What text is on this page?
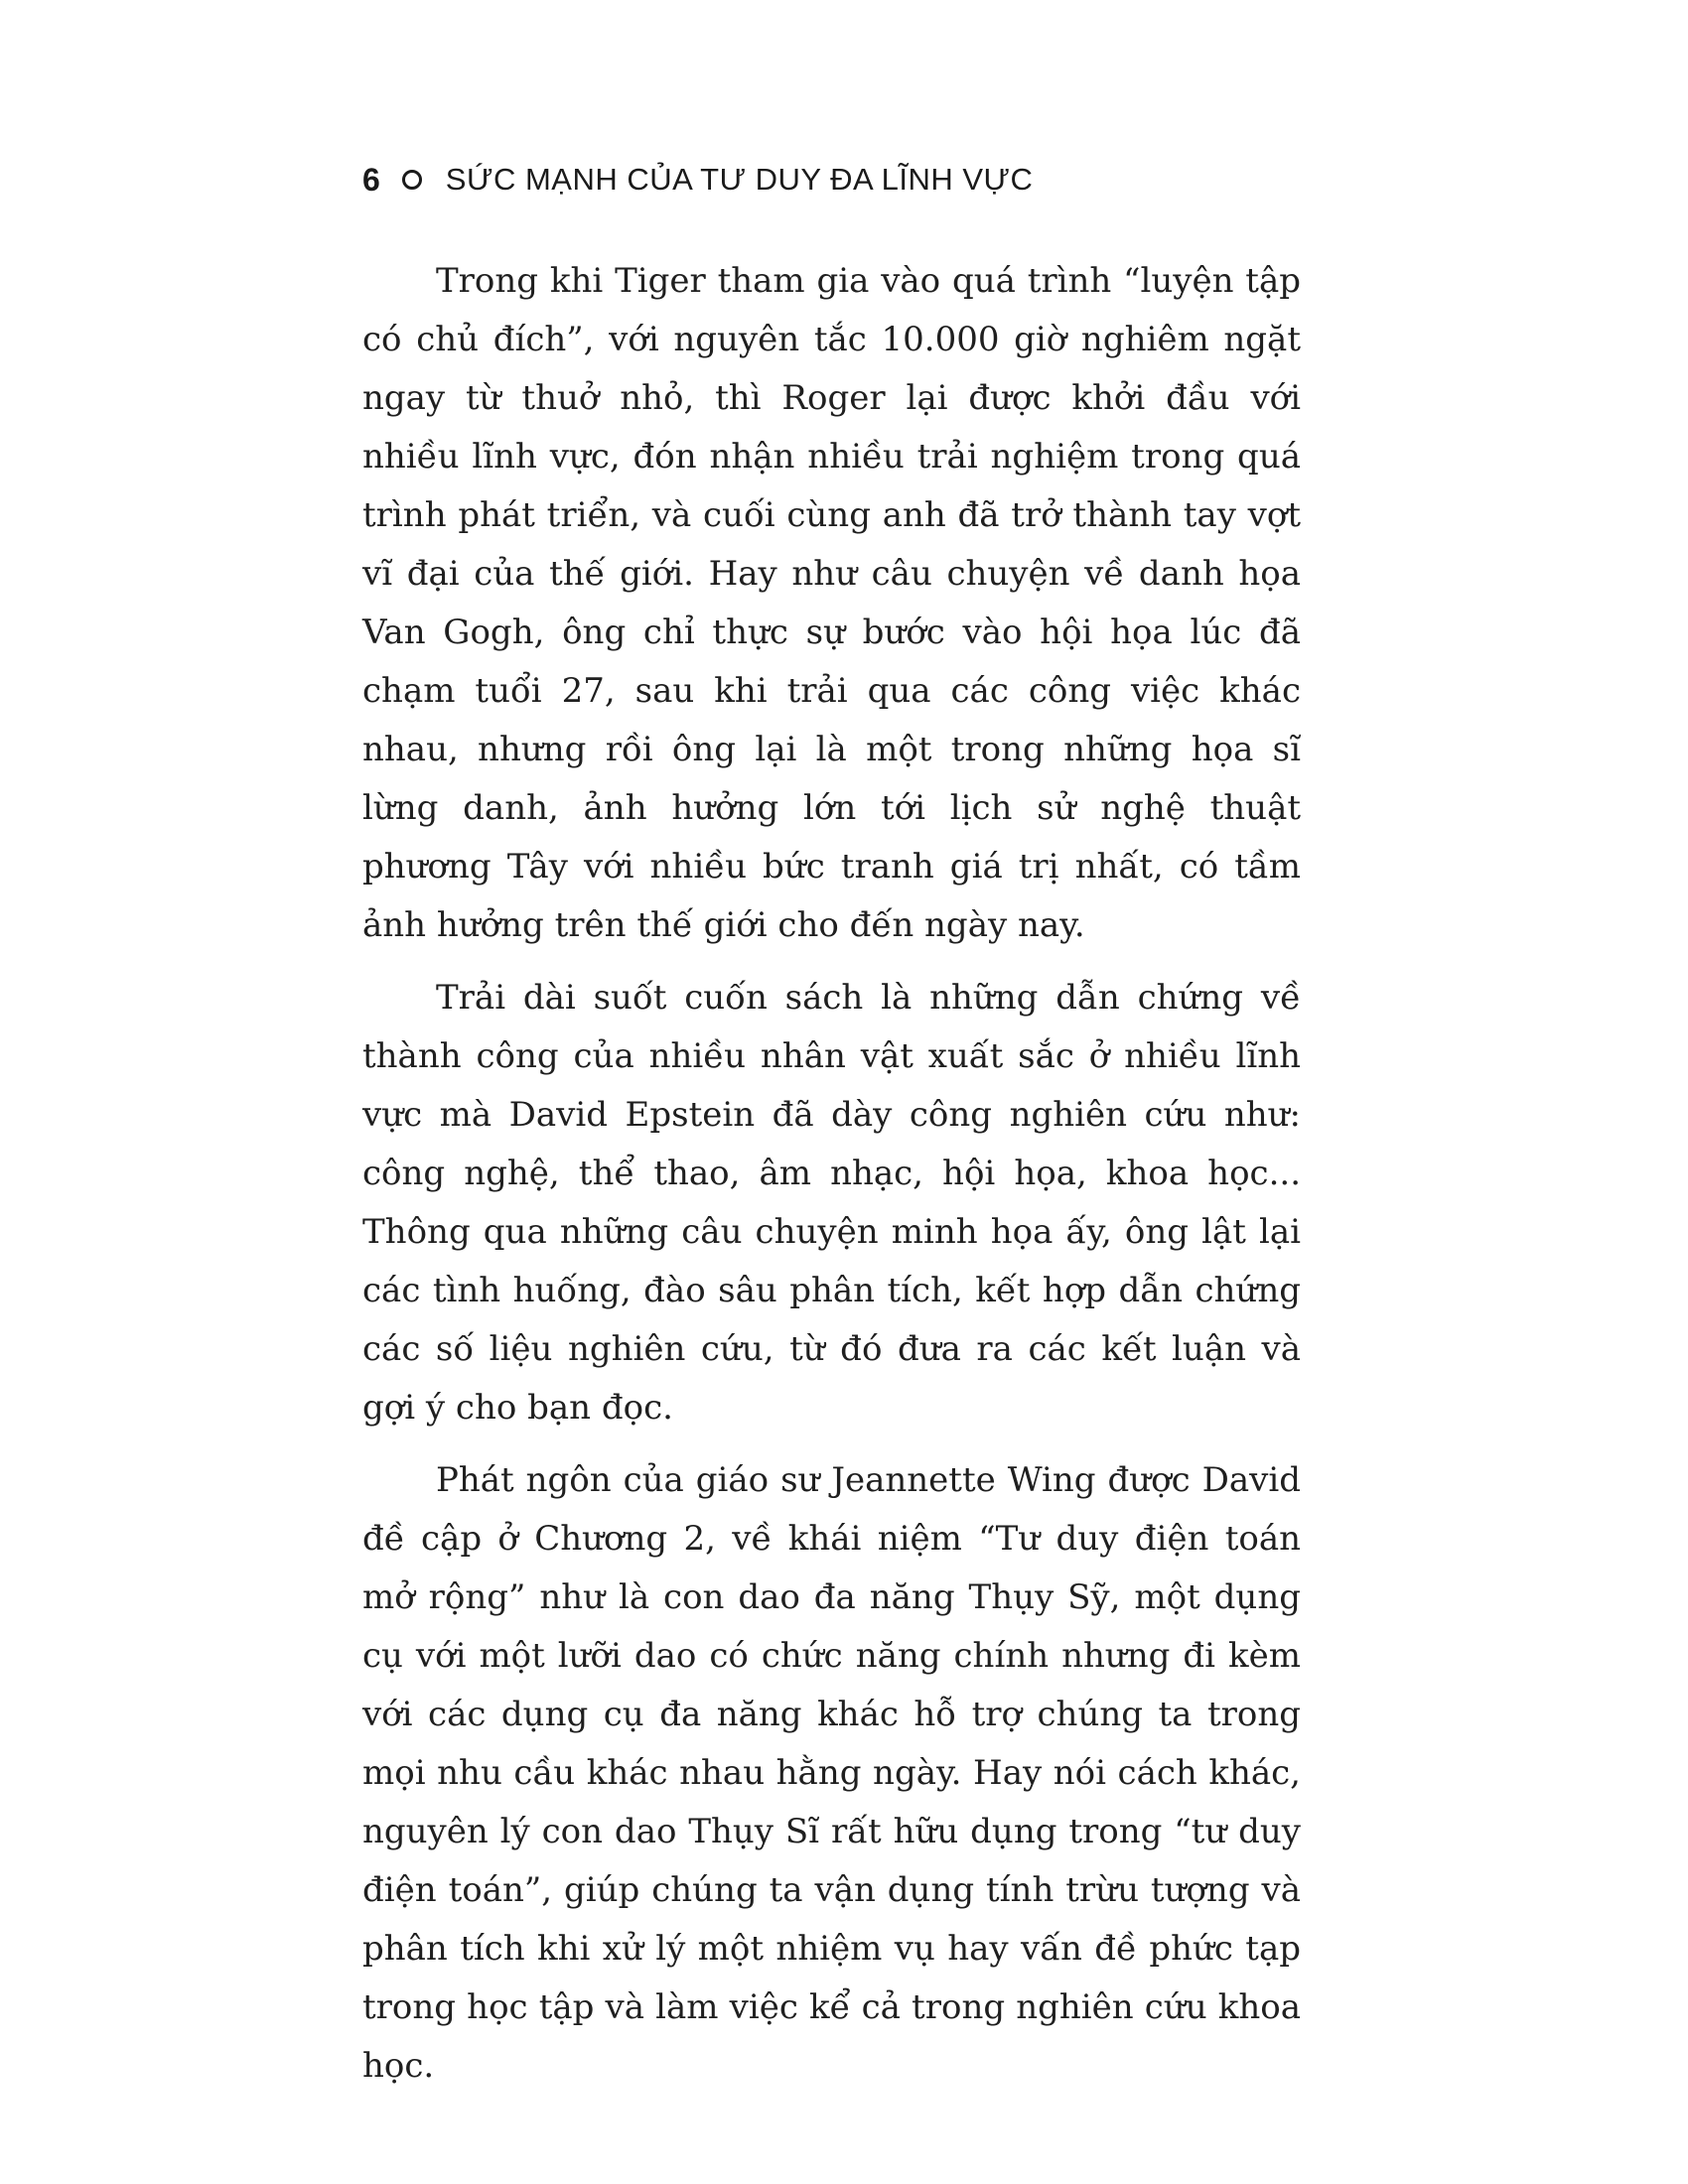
6 SỨC MẠNH CỦA TƯ DUY ĐA LĨNH VỰC

Trong khi Tiger tham gia vào quá trình “luyện tập có chủ đích”, với nguyên tắc 10.000 giờ nghiêm ngặt ngay từ thuở nhỏ, thì Roger lại được khởi đầu với nhiều lĩnh vực, đón nhận nhiều trải nghiệm trong quá trình phát triển, và cuối cùng anh đã trở thành tay vợt vĩ đại của thế giới. Hay như câu chuyện về danh họa Van Gogh, ông chỉ thực sự bước vào hội họa lúc đã chạm tuổi 27, sau khi trải qua các công việc khác nhau, nhưng rồi ông lại là một trong những họa sĩ lừng danh, ảnh hưởng lớn tới lịch sử nghệ thuật phương Tây với nhiều bức tranh giá trị nhất, có tầm ảnh hưởng trên thế giới cho đến ngày nay.

Trải dài suốt cuốn sách là những dẫn chứng về thành công của nhiều nhân vật xuất sắc ở nhiều lĩnh vực mà David Epstein đã dày công nghiên cứu như: công nghệ, thể thao, âm nhạc, hội họa, khoa học... Thông qua những câu chuyện minh họa ấy, ông lật lại các tình huống, đào sâu phân tích, kết hợp dẫn chứng các số liệu nghiên cứu, từ đó đưa ra các kết luận và gợi ý cho bạn đọc.

Phát ngôn của giáo sư Jeannette Wing được David đề cập ở Chương 2, về khái niệm “Tư duy điện toán mở rộng” như là con dao đa năng Thụy Sỹ, một dụng cụ với một lưỡi dao có chức năng chính nhưng đi kèm với các dụng cụ đa năng khác hỗ trợ chúng ta trong mọi nhu cầu khác nhau hằng ngày. Hay nói cách khác, nguyên lý con dao Thụy Sĩ rất hữu dụng trong “tư duy điện toán”, giúp chúng ta vận dụng tính trừu tượng và phân tích khi xử lý một nhiệm vụ hay vấn đề phức tạp trong học tập và làm việc kể cả trong nghiên cứu khoa học.
